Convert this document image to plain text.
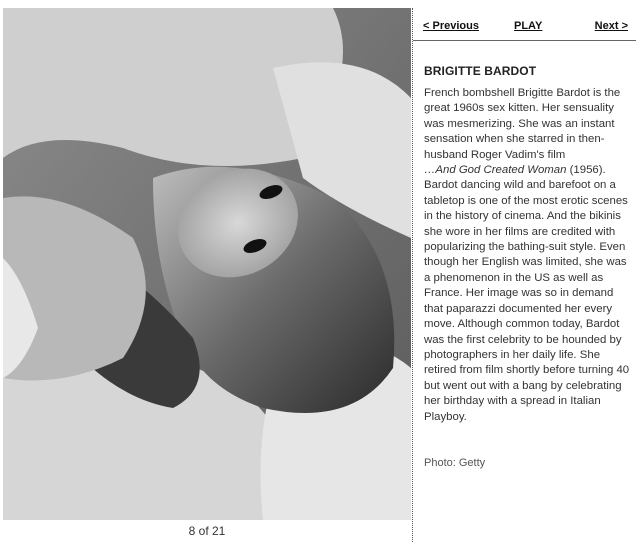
8 of 21
< Previous	PLAY	Next >
BRIGITTE BARDOT

French bombshell Brigitte Bardot is the great 1960s sex kitten. Her sensuality was mesmerizing. She was an instant sensation when she starred in then-husband Roger Vadim's film
…And God Created Woman (1956). Bardot dancing wild and barefoot on a tabletop is one of the most erotic scenes in the history of cinema. And the bikinis she wore in her films are credited with popularizing the bathing-suit style. Even though her English was limited, she was a phenomenon in the US as well as France. Her image was so in demand that paparazzi documented her every move. Although common today, Bardot was the first celebrity to be hounded by photographers in her daily life. She retired from film shortly before turning 40 but went out with a bang by celebrating her birthday with a spread in Italian Playboy.

Photo: Getty
